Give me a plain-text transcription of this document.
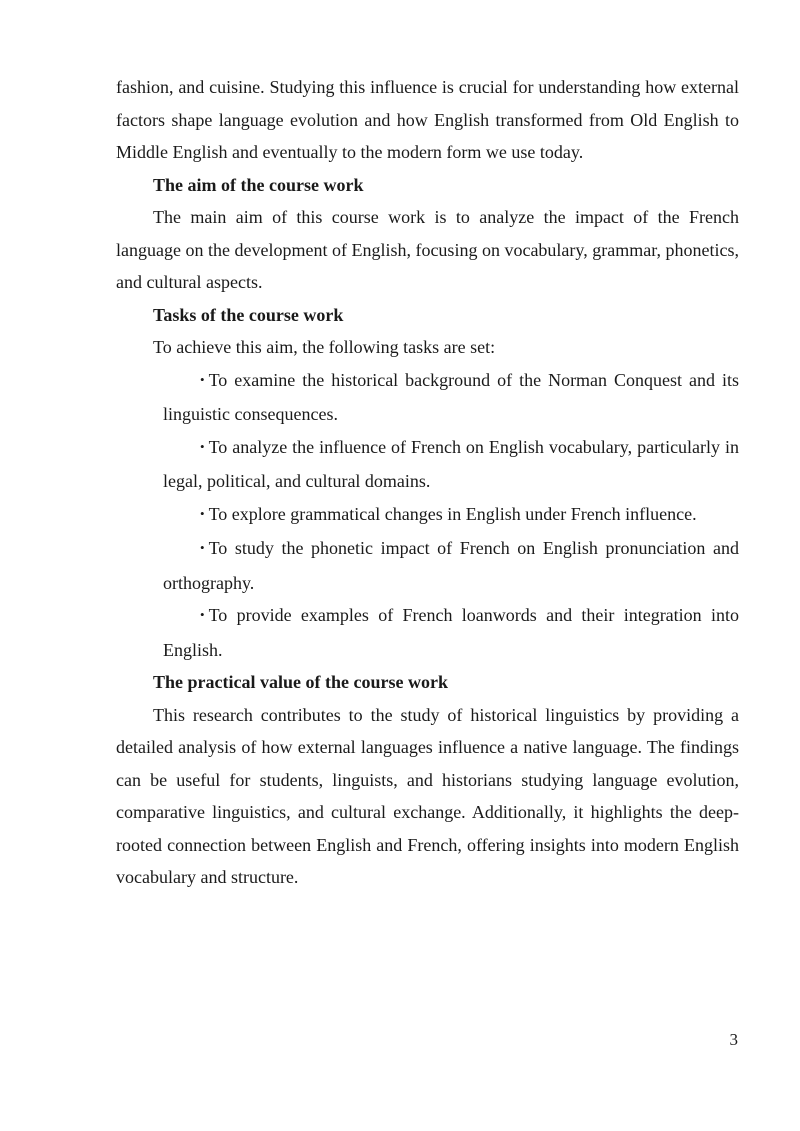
fashion, and cuisine. Studying this influence is crucial for understanding how external factors shape language evolution and how English transformed from Old English to Middle English and eventually to the modern form we use today.

The aim of the course work

The main aim of this course work is to analyze the impact of the French language on the development of English, focusing on vocabulary, grammar, phonetics, and cultural aspects.

Tasks of the course work

To achieve this aim, the following tasks are set:

• To examine the historical background of the Norman Conquest and its linguistic consequences.
• To analyze the influence of French on English vocabulary, particularly in legal, political, and cultural domains.
• To explore grammatical changes in English under French influence.
• To study the phonetic impact of French on English pronunciation and orthography.
• To provide examples of French loanwords and their integration into English.

The practical value of the course work

This research contributes to the study of historical linguistics by providing a detailed analysis of how external languages influence a native language. The findings can be useful for students, linguists, and historians studying language evolution, comparative linguistics, and cultural exchange. Additionally, it highlights the deep-rooted connection between English and French, offering insights into modern English vocabulary and structure.

3
